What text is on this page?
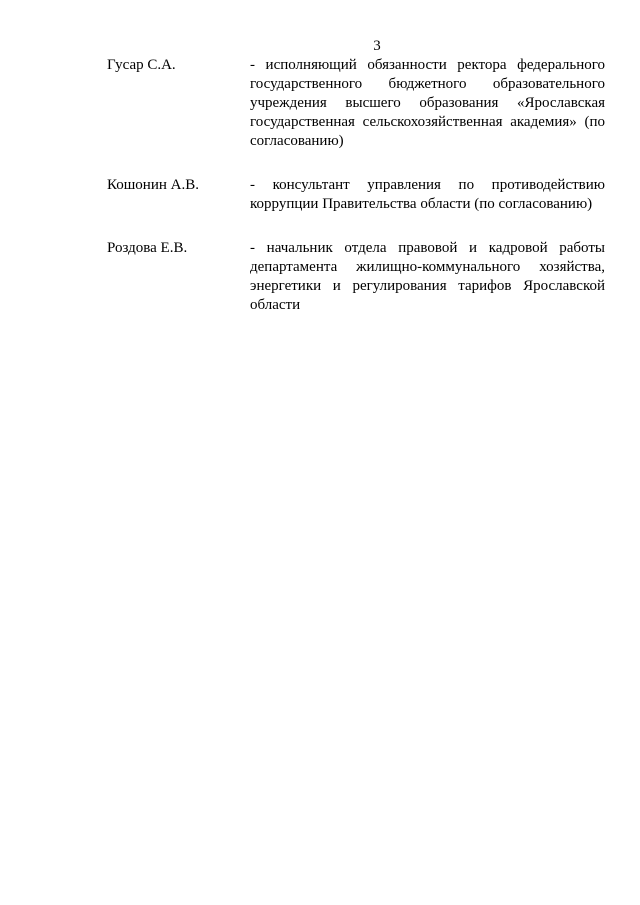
3
Гусар С.А.	- исполняющий обязанности ректора федерального государственного бюджетного образовательного учреждения высшего образования «Ярославская государственная сельскохозяйственная академия» (по согласованию)
Кошонин А.В.	- консультант управления по противодействию коррупции Правительства области (по согласованию)
Роздова Е.В.	- начальник отдела правовой и кадровой работы департамента жилищно-коммунального хозяйства, энергетики и регулирования тарифов Ярославской области
